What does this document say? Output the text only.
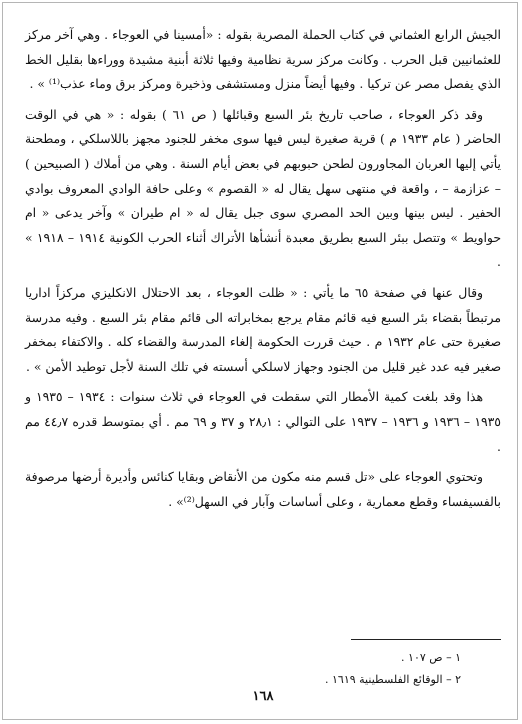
الجيش الرابع العثماني في كتاب الحملة المصرية بقوله : «أمسينا في العوجاء . وهي آخر مركز للعثمانيين قبل الحرب . وكانت مركز سرية نظامية وفيها ثلاثة أبنية مشيدة ووراءها بقليل الخط الذي يفصل مصر عن تركيا . وفيها أيضاً منزل ومستشفى وذخيرة ومركز برق وماء عذب⁽¹⁾ » .

وقد ذكر العوجاء ، صاحب تاريخ بئر السبع وقبائلها ( ص ٦١ ) بقوله : « هي في الوقت الحاضر ( عام ١٩٣٣ م ) قرية صغيرة ليس فيها سوى مخفر للجنود مجهز باللاسلكي ، ومطحنة يأتي إليها العربان المجاورون لطحن حبوبهم في بعض أيام السنة . وهي من أملاك ( الصبيحين ) – عزازمة – ، واقعة في منتهى سهل يقال له « القصوم » وعلى حافة الوادي المعروف بوادي الحفير . ليس بينها وبين الحد المصري سوى جبل يقال له « ام طيران » وآخر يدعى « ام حواويط » وتتصل ببئر السبع بطريق معبدة أنشأها الأتراك أثناء الحرب الكونية ١٩١٤ – ١٩١٨ » .

وقال عنها في صفحة ٦٥ ما يأتي : « ظلت العوجاء ، بعد الاحتلال الانكليزي مركزاً اداريا مرتبطاً بقضاء بئر السبع فيه قائم مقام يرجع بمخابراته الى قائم مقام بئر السبع . وفيه مدرسة صغيرة حتى عام ١٩٣٢ م . حيث قررت الحكومة إلغاء المدرسة والقضاء كله . والاكتفاء بمخفر صغير فيه عدد غير قليل من الجنود وجهاز لاسلكي أسسته في تلك السنة لأجل توطيد الأمن » .

هذا وقد بلغت كمية الأمطار التي سقطت في العوجاء في ثلاث سنوات : ١٩٣٤ – ١٩٣٥ و ١٩٣٥ – ١٩٣٦ و ١٩٣٦ – ١٩٣٧ على التوالي : ٢٨٫١ و ٣٧ و ٦٩ مم . أي بمتوسط قدره ٤٤٫٧ مم .

وتحتوي العوجاء على «تل قسم منه مكون من الأنقاض وبقايا كنائس وأديرة أرضها مرصوفة بالفسيفساء وقطع معمارية ، وعلى أساسات وآبار في السهل⁽²⁾» .

١ – ص ١٠٧ .
٢ – الوقائع الفلسطينية ١٦١٩ .
١٦٨
